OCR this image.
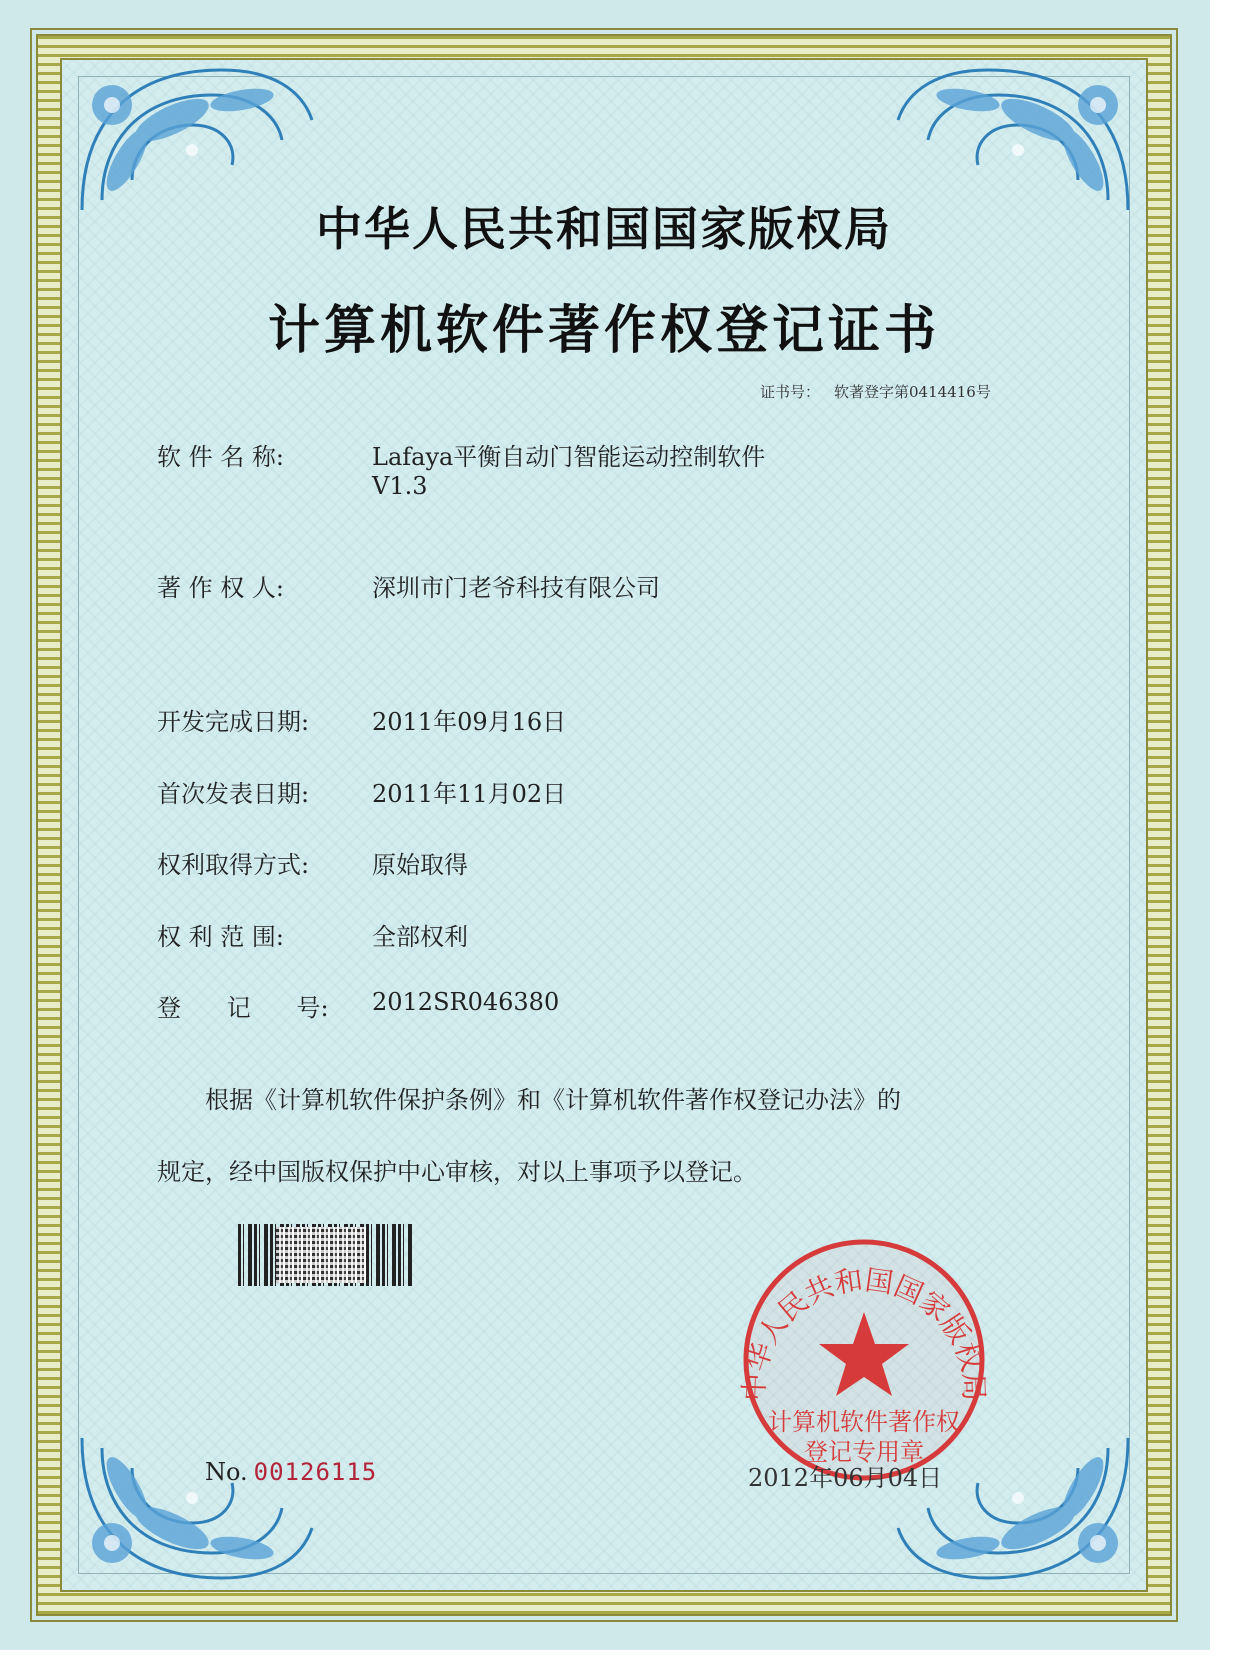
中华人民共和国国家版权局
计算机软件著作权登记证书
证书号： 软著登字第0414416号
软 件 名 称:	Lafaya平衡自动门智能运动控制软件
V1.3
著 作 权 人:	深圳市门老爷科技有限公司
开发完成日期:	2011年09月16日
首次发表日期:	2011年11月02日
权利取得方式:	原始取得
权 利 范 围:	全部权利
登      记      号: 2012SR046380
根据《计算机软件保护条例》和《计算机软件著作权登记办法》的
规定，经中国版权保护中心审核，对以上事项予以登记。
中华人民共和国国家版权局
计算机软件著作权
登记专用章
No. 00126115	2012年06月04日
